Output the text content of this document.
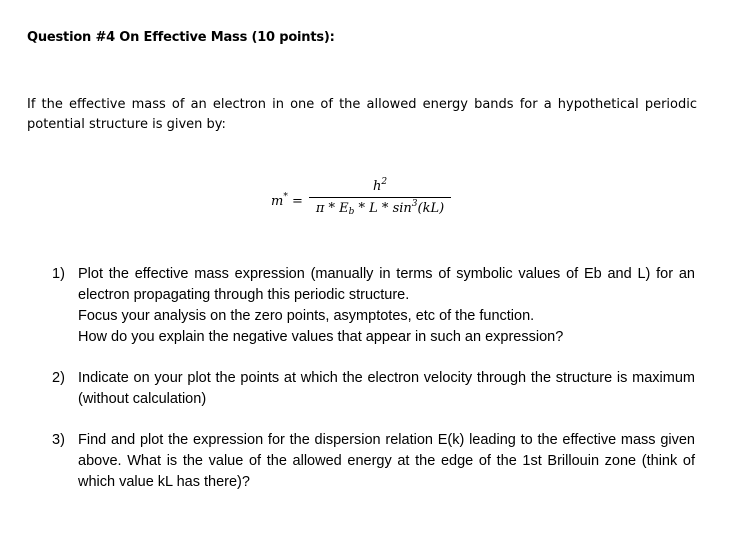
Question #4 On Effective Mass (10 points):
If the effective mass of an electron in one of the allowed energy bands for a hypothetical periodic potential structure is given by:
m* =
$h^2$
π * $E_b$ * L * $\sin^3(kL)$
1) Plot the effective mass expression (manually in terms of symbolic values of Eb and L) for an electron propagating through this periodic structure.
Focus your analysis on the zero points, asymptotes, etc of the function.
How do you explain the negative values that appear in such an expression?
2) Indicate on your plot the points at which the electron velocity through the structure is maximum (without calculation)
3) Find and plot the expression for the dispersion relation E(k) leading to the effective mass given above. What is the value of the allowed energy at the edge of the 1st Brillouin zone (think of which value kL has there)?
